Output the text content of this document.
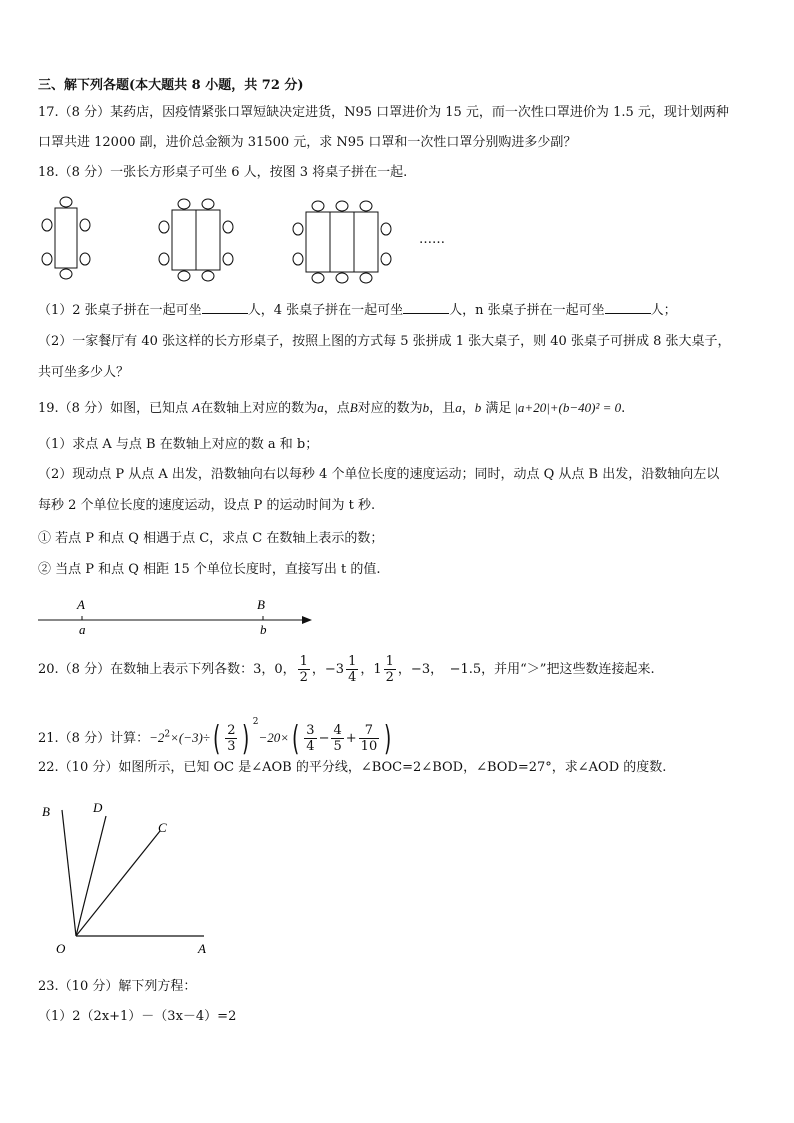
三、解下列各题(本大题共 8 小题，共 72 分)
17.（8 分）某药店，因疫情紧张口罩短缺决定进货，N95 口罩进价为 15 元，而一次性口罩进价为 1.5 元，现计划两种
口罩共进 12000 副，进价总金额为 31500 元，求 N95 口罩和一次性口罩分别购进多少副？
18.（8 分）一张长方形桌子可坐 6 人，按图 3 将桌子拼在一起.
……
（1）2 张桌子拼在一起可坐	人，4 张桌子拼在一起可坐	人，n 张桌子拼在一起可坐	人；
（2）一家餐厅有 40 张这样的长方形桌子，按照上图的方式每 5 张拼成 1 张大桌子，则 40 张桌子可拼成 8 张大桌子，
共可坐多少人？
19.（8 分）如图，已知点 A在数轴上对应的数为a，点B对应的数为b，且a，b 满足 |a+20|+(b−40)² = 0.
（1）求点 A 与点 B 在数轴上对应的数 a 和 b；
（2）现动点 P 从点 A 出发，沿数轴向右以每秒 4 个单位长度的速度运动；同时，动点 Q 从点 B 出发，沿数轴向左以
每秒 2 个单位长度的速度运动，设点 P 的运动时间为 t 秒.
① 若点 P 和点 Q 相遇于点 C，求点 C 在数轴上表示的数；
② 当点 P 和点 Q 相距 15 个单位长度时，直接写出 t 的值.
A	B
a	b
20.（8 分）在数轴上表示下列各数：3，0， $\frac{1}{2}$ ，$-3 \frac{1}{4}$ ，$1 \frac{1}{2}$ ，−3，　−1.5，并用“＞”把这些数连接起来.
21.（8 分）计算：$-2^2\times(-3)\div( \frac{2}{3}$ ) $^2-20\times( \frac{3}{4} - \frac{4}{5} + \frac{7}{10}$ )
22.（10 分）如图所示，已知 OC 是∠AOB 的平分线，∠BOC=2∠BOD，∠BOD=27°，求∠AOD 的度数.
B	D
C
O	A
23.（10 分）解下列方程：
（1）2（2x+1）－（3x－4）=2
